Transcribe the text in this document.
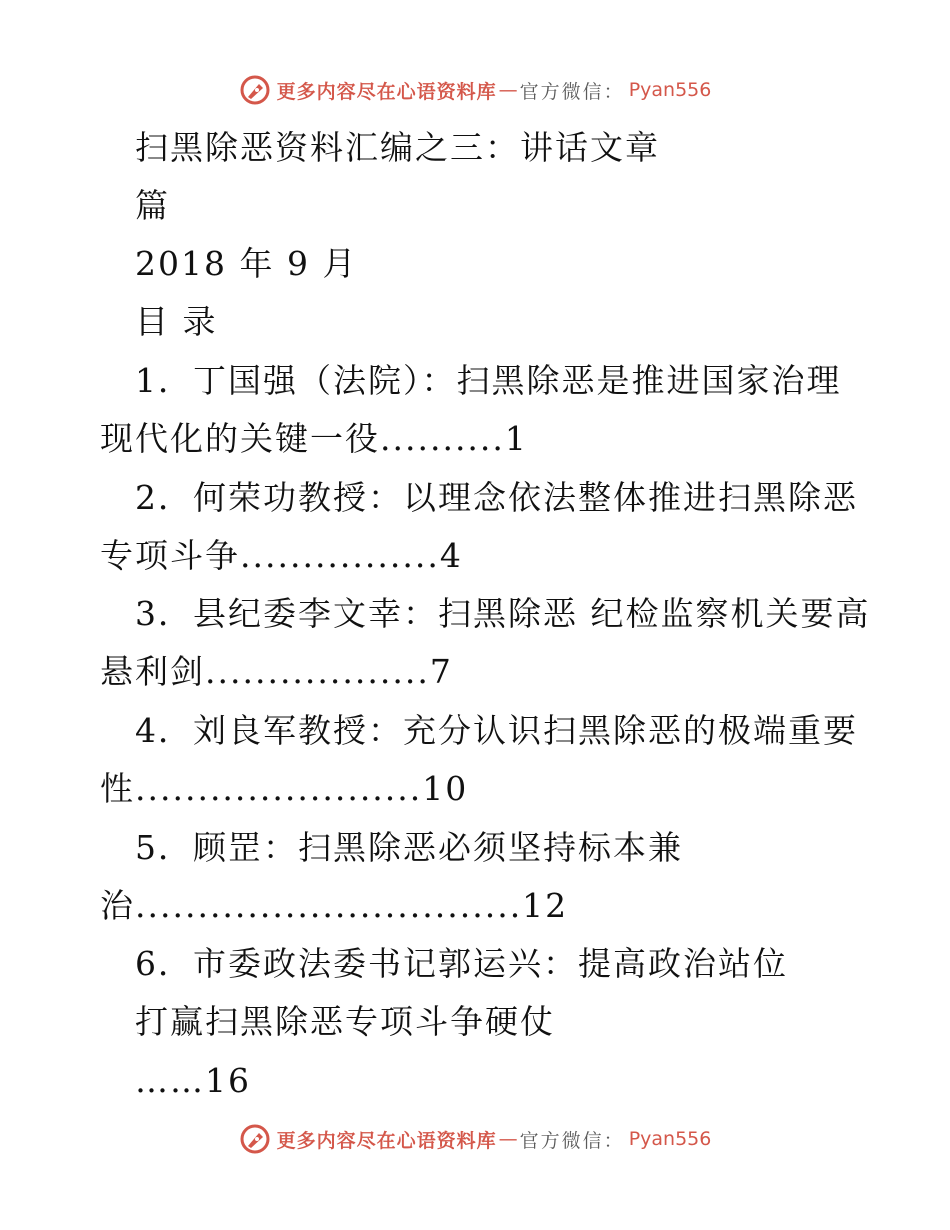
更多内容尽在心语资料库 — 官方微信： Pyan556
扫黑除恶资料汇编之三：讲话文章
篇
2018 年 9 月
目 录
1．丁国强（法院）：扫黑除恶是推进国家治理
现代化的关键一役..........1
2．何荣功教授：以理念依法整体推进扫黑除恶
专项斗争................4
3．县纪委李文幸：扫黑除恶 纪检监察机关要高
悬利剑..................7
4．刘良军教授：充分认识扫黑除恶的极端重要
性.......................10
5．顾罡：扫黑除恶必须坚持标本兼
治...............................12
6．市委政法委书记郭运兴：提高政治站位
打赢扫黑除恶专项斗争硬仗
……16
更多内容尽在心语资料库 — 官方微信： Pyan556
